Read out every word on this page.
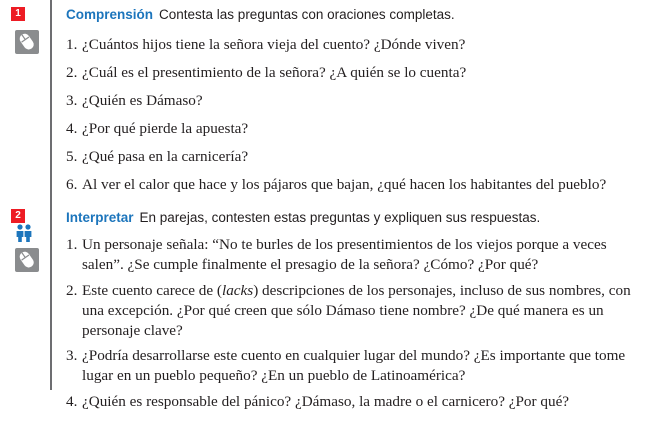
1	Comprensión Contesta las preguntas con oraciones completas.
1. ¿Cuántos hijos tiene la señora vieja del cuento? ¿Dónde viven?
2. ¿Cuál es el presentimiento de la señora? ¿A quién se lo cuenta?
3. ¿Quién es Dámaso?
4. ¿Por qué pierde la apuesta?
5. ¿Qué pasa en la carnicería?
6. Al ver el calor que hace y los pájaros que bajan, ¿qué hacen los habitantes del pueblo?
2	Interpretar En parejas, contesten estas preguntas y expliquen sus respuestas.
1. Un personaje señala: “No te burles de los presentimientos de los viejos porque a veces salen”. ¿Se cumple finalmente el presagio de la señora? ¿Cómo? ¿Por qué?
2. Este cuento carece de (lacks) descripciones de los personajes, incluso de sus nombres, con una excepción. ¿Por qué creen que sólo Dámaso tiene nombre? ¿De qué manera es un personaje clave?
3. ¿Podría desarrollarse este cuento en cualquier lugar del mundo? ¿Es importante que tome lugar en un pueblo pequeño? ¿En un pueblo de Latinoamérica?
4. ¿Quién es responsable del pánico? ¿Dámaso, la madre o el carnicero? ¿Por qué?
